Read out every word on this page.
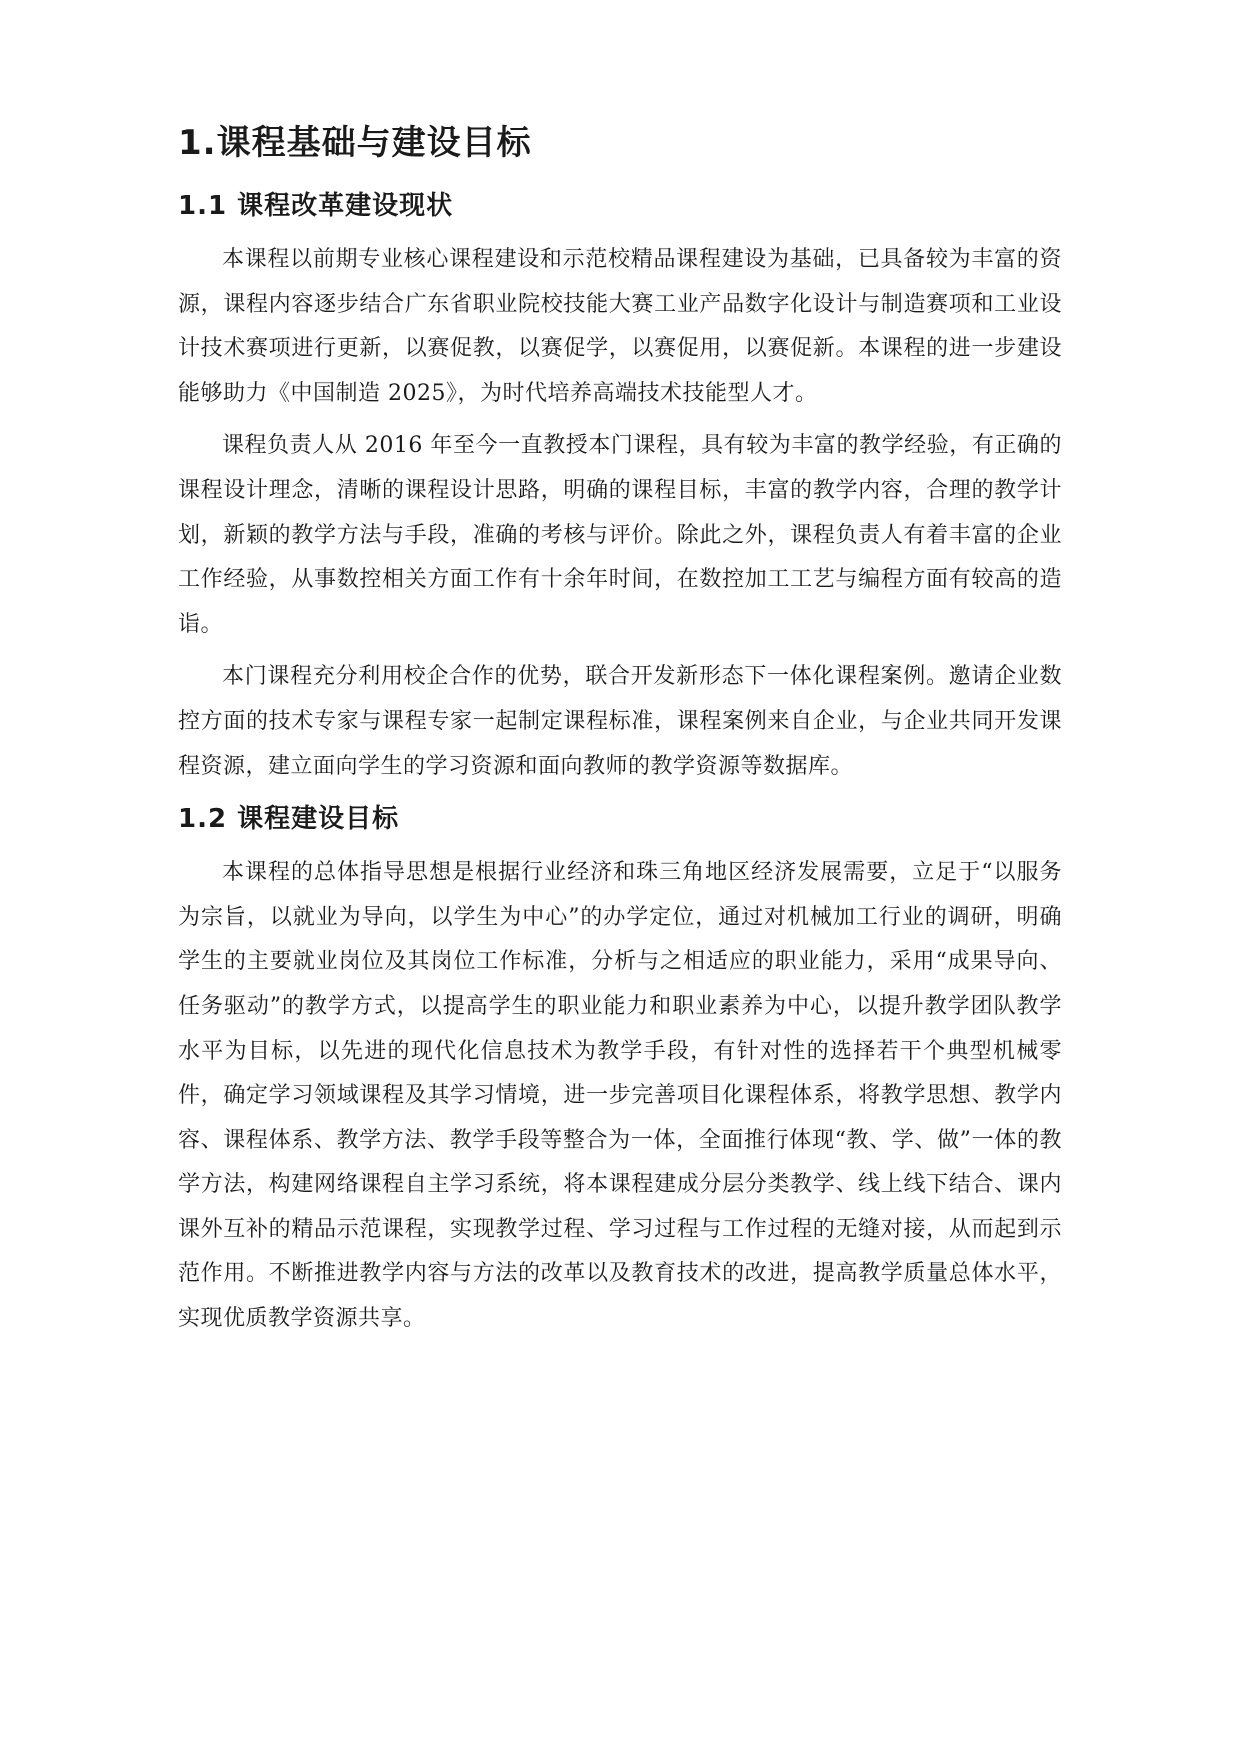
1.课程基础与建设目标
1.1 课程改革建设现状

本课程以前期专业核心课程建设和示范校精品课程建设为基础，已具备较为丰富的资源，课程内容逐步结合广东省职业院校技能大赛工业产品数字化设计与制造赛项和工业设计技术赛项进行更新，以赛促教，以赛促学，以赛促用，以赛促新。本课程的进一步建设能够助力《中国制造 2025》，为时代培养高端技术技能型人才。

课程负责人从 2016 年至今一直教授本门课程，具有较为丰富的教学经验，有正确的课程设计理念，清晰的课程设计思路，明确的课程目标，丰富的教学内容，合理的教学计划，新颖的教学方法与手段，准确的考核与评价。除此之外，课程负责人有着丰富的企业工作经验，从事数控相关方面工作有十余年时间，在数控加工工艺与编程方面有较高的造诣。

本门课程充分利用校企合作的优势，联合开发新形态下一体化课程案例。邀请企业数控方面的技术专家与课程专家一起制定课程标准，课程案例来自企业，与企业共同开发课程资源，建立面向学生的学习资源和面向教师的教学资源等数据库。

1.2 课程建设目标

本课程的总体指导思想是根据行业经济和珠三角地区经济发展需要，立足于“以服务为宗旨，以就业为导向，以学生为中心”的办学定位，通过对机械加工行业的调研，明确学生的主要就业岗位及其岗位工作标准，分析与之相适应的职业能力，采用“成果导向、任务驱动”的教学方式，以提高学生的职业能力和职业素养为中心，以提升教学团队教学水平为目标，以先进的现代化信息技术为教学手段，有针对性的选择若干个典型机械零件，确定学习领域课程及其学习情境，进一步完善项目化课程体系，将教学思想、教学内容、课程体系、教学方法、教学手段等整合为一体，全面推行体现“教、学、做”一体的教学方法，构建网络课程自主学习系统，将本课程建成分层分类教学、线上线下结合、课内课外互补的精品示范课程，实现教学过程、学习过程与工作过程的无缝对接，从而起到示范作用。不断推进教学内容与方法的改革以及教育技术的改进，提高教学质量总体水平，实现优质教学资源共享。
